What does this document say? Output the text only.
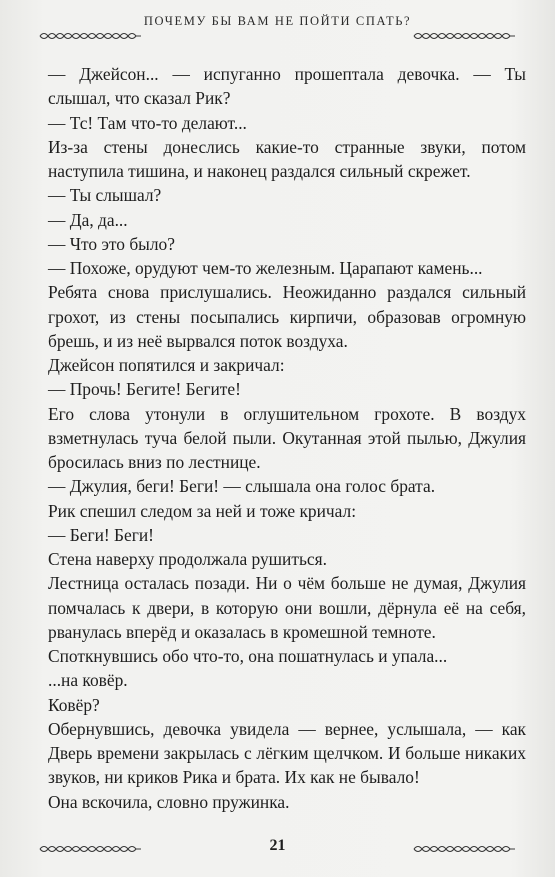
ПОЧЕМУ БЫ ВАМ НЕ ПОЙТИ СПАТЬ?

— Джейсон... — испуганно прошептала девочка. — Ты слышал, что сказал Рик?

— Тс! Там что-то делают...

Из-за стены донеслись какие-то странные звуки, потом наступила тишина, и наконец раздался сильный скрежет.

— Ты слышал?

— Да, да...

— Что это было?

— Похоже, орудуют чем-то железным. Царапают камень...

Ребята снова прислушались. Неожиданно раздался сильный грохот, из стены посыпались кирпичи, образовав огромную брешь, и из неё вырвался поток воздуха.

Джейсон попятился и закричал:

— Прочь! Бегите! Бегите!

Его слова утонули в оглушительном грохоте. В воздух взметнулась туча белой пыли. Окутанная этой пылью, Джулия бросилась вниз по лестнице.

— Джулия, беги! Беги! — слышала она голос брата.

Рик спешил следом за ней и тоже кричал:

— Беги! Беги!

Стена наверху продолжала рушиться.

Лестница осталась позади. Ни о чём больше не думая, Джулия помчалась к двери, в которую они вошли, дёрнула её на себя, рванулась вперёд и оказалась в кромешной темноте.

Споткнувшись обо что-то, она пошатнулась и упала...

...на ковёр.

Ковёр?

Обернувшись, девочка увидела — вернее, услышала, — как Дверь времени закрылась с лёгким щелчком. И больше никаких звуков, ни криков Рика и брата. Их как не бывало!

Она вскочила, словно пружинка.

21
